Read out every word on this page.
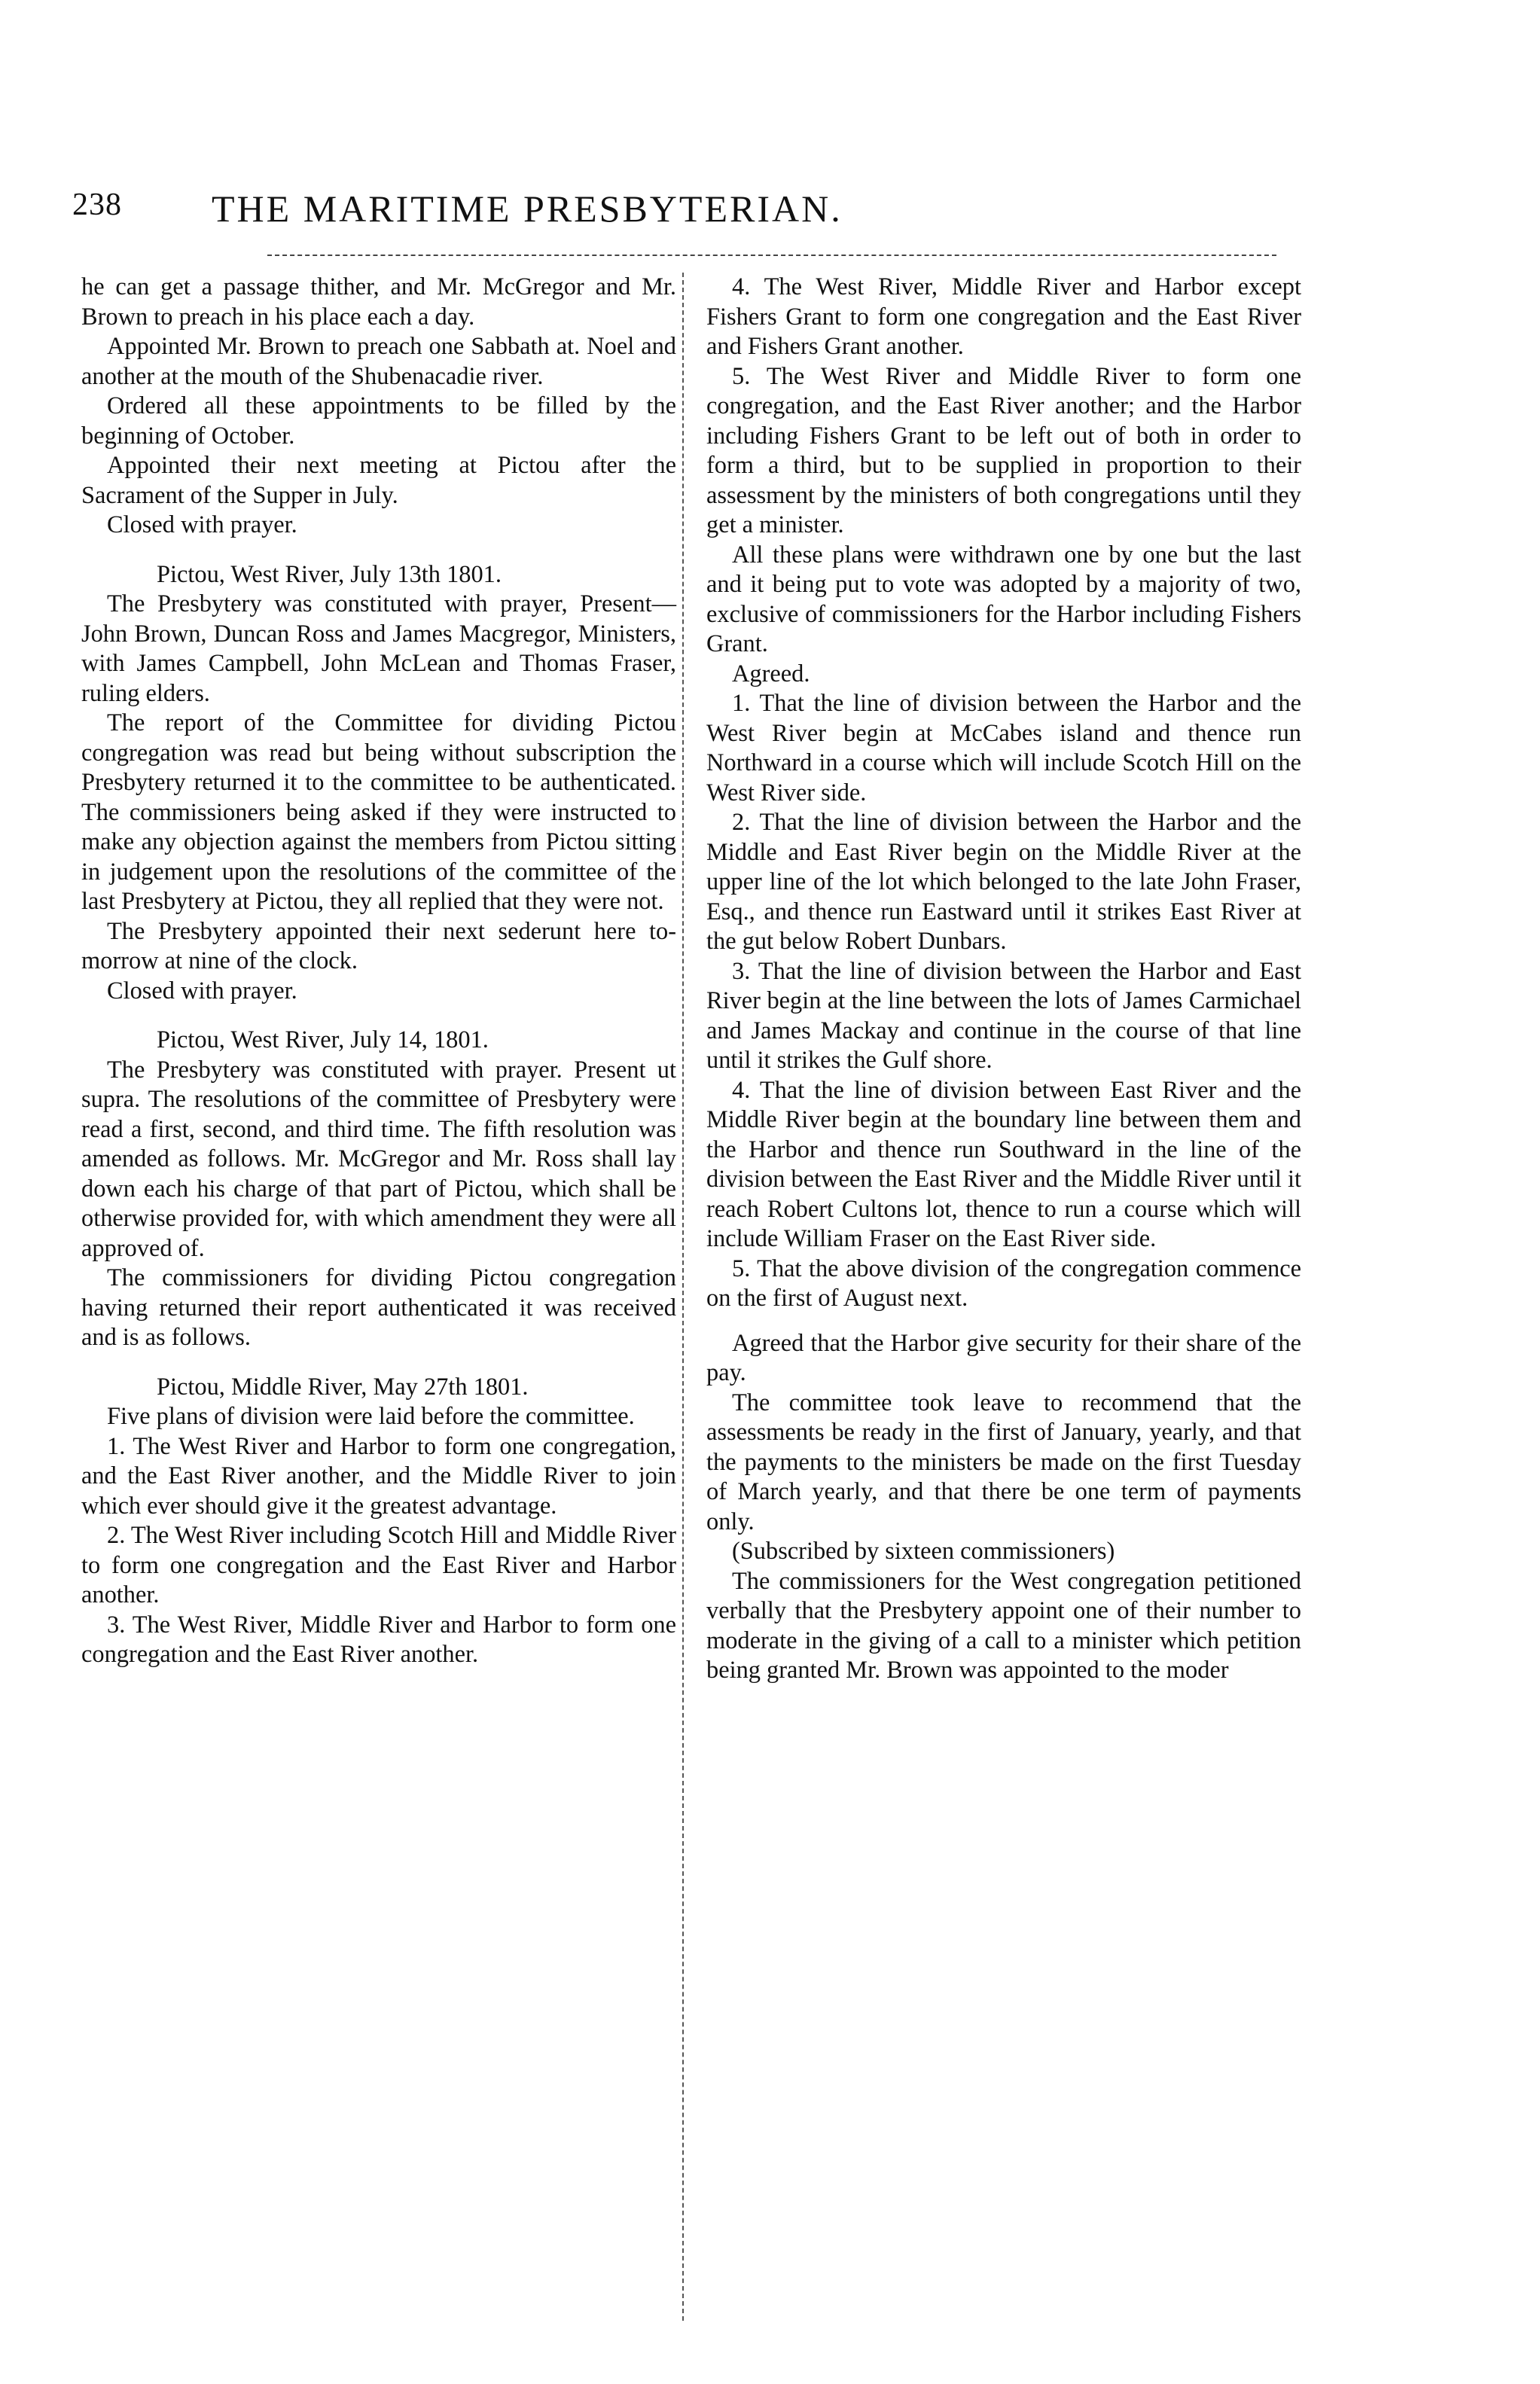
238 THE MARITIME PRESBYTERIAN.

he can get a passage thither, and Mr. McGregor and Mr. Brown to preach in his place each a day.

Appointed Mr. Brown to preach one Sabbath at. Noel and another at the mouth of the Shubenacadie river.

Ordered all these appointments to be filled by the beginning of October.

Appointed their next meeting at Pictou after the Sacrament of the Supper in July.

Closed with prayer.

Pictou, West River, July 13th 1801.

The Presbytery was constituted with prayer, Present—John Brown, Duncan Ross and James Macgregor, Ministers, with James Campbell, John McLean and Thomas Fraser, ruling elders.

The report of the Committee for dividing Pictou congregation was read but being without subscription the Presbytery returned it to the committee to be authenticated. The commissioners being asked if they were instructed to make any objection against the members from Pictou sitting in judgement upon the resolutions of the committee of the last Presbytery at Pictou, they all replied that they were not.

The Presbytery appointed their next sederunt here to-morrow at nine of the clock.

Closed with prayer.

Pictou, West River, July 14, 1801.

The Presbytery was constituted with prayer. Present ut supra. The resolutions of the committee of Presbytery were read a first, second, and third time. The fifth resolution was amended as follows. Mr. McGregor and Mr. Ross shall lay down each his charge of that part of Pictou, which shall be otherwise provided for, with which amendment they were all approved of.

The commissioners for dividing Pictou congregation having returned their report authenticated it was received and is as follows.

Pictou, Middle River, May 27th 1801.

Five plans of division were laid before the committee.

1. The West River and Harbor to form one congregation, and the East River another, and the Middle River to join which ever should give it the greatest advantage.

2. The West River including Scotch Hill and Middle River to form one congregation and the East River and Harbor another.

3. The West River, Middle River and Harbor to form one congregation and the East River another.

4. The West River, Middle River and Harbor except Fishers Grant to form one congregation and the East River and Fishers Grant another.

5. The West River and Middle River to form one congregation, and the East River another; and the Harbor including Fishers Grant to be left out of both in order to form a third, but to be supplied in proportion to their assessment by the ministers of both congregations until they get a minister.

All these plans were withdrawn one by one but the last and it being put to vote was adopted by a majority of two, exclusive of commissioners for the Harbor including Fishers Grant.

Agreed.

1. That the line of division between the Harbor and the West River begin at McCabes island and thence run Northward in a course which will include Scotch Hill on the West River side.

2. That the line of division between the Harbor and the Middle and East River begin on the Middle River at the upper line of the lot which belonged to the late John Fraser, Esq., and thence run Eastward until it strikes East River at the gut below Robert Dunbars.

3. That the line of division between the Harbor and East River begin at the line between the lots of James Carmichael and James Mackay and continue in the course of that line until it strikes the Gulf shore.

4. That the line of division between East River and the Middle River begin at the boundary line between them and the Harbor and thence run Southward in the line of the division between the East River and the Middle River until it reach Robert Cultons lot, thence to run a course which will include William Fraser on the East River side.

5. That the above division of the congregation commence on the first of August next.

Agreed that the Harbor give security for their share of the pay.

The committee took leave to recommend that the assessments be ready in the first of January, yearly, and that the payments to the ministers be made on the first Tuesday of March yearly, and that there be one term of payments only.

(Subscribed by sixteen commissioners)

The commissioners for the West congregation petitioned verbally that the Presbytery appoint one of their number to moderate in the giving of a call to a minister which petition being granted Mr. Brown was appointed to the moder
